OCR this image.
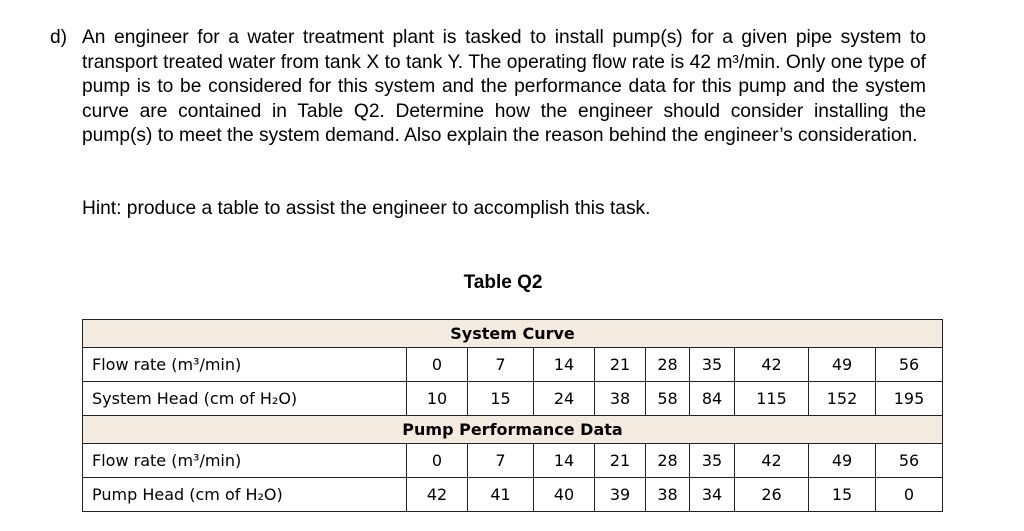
d) An engineer for a water treatment plant is tasked to install pump(s) for a given pipe system to transport treated water from tank X to tank Y. The operating flow rate is 42 m³/min. Only one type of pump is to be considered for this system and the performance data for this pump and the system curve are contained in Table Q2. Determine how the engineer should consider installing the pump(s) to meet the system demand. Also explain the reason behind the engineer’s consideration.
Hint: produce a table to assist the engineer to accomplish this task.
Table Q2
System Curve									
Flow rate (m³/min)	0	7	14	21	28	35	42	49	56
System Head (cm of H₂O)	10	15	24	38	58	84	115	152	195
Pump Performance Data									
Flow rate (m³/min)	0	7	14	21	28	35	42	49	56
Pump Head (cm of H₂O)	42	41	40	39	38	34	26	15	0
